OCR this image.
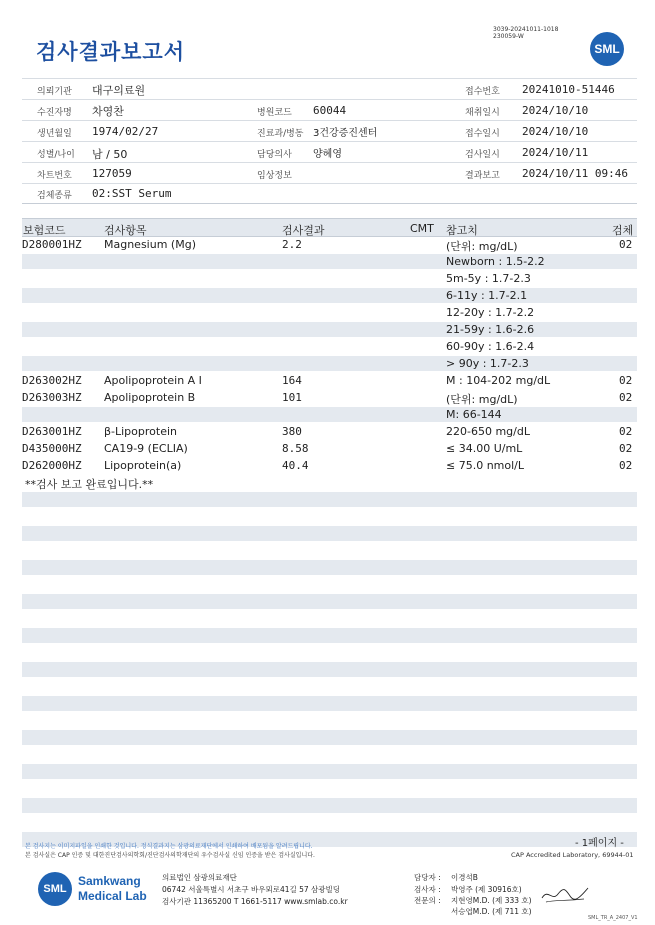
검사결과보고서
3039-20241011-1018
230059-W
SML
의뢰기관 대구의료원	접수번호 20241010-51446
수진자명 차영찬	병원코드 60044	채취일시 2024/10/10
생년월일 1974/02/27	진료과/병동 3건강증진센터	접수일시 2024/10/10
성별/나이 남 / 50	담당의사 양혜영	검사일시 2024/10/11
차트번호 127059	임상정보	결과보고 2024/10/11 09:46
검체종류 02:SST Serum
보험코드	검사항목	검사결과	CMT 참고치	검체
D280001HZ Magnesium (Mg)	2.2	(단위: mg/dL)	02
Newborn : 1.5-2.2
5m-5y : 1.7-2.3
6-11y : 1.7-2.1
12-20y : 1.7-2.2
21-59y : 1.6-2.6
60-90y : 1.6-2.4
> 90y : 1.7-2.3
D263002HZ Apolipoprotein A I	164	M : 104-202 mg/dL	02
D263003HZ Apolipoprotein B	101	(단위: mg/dL)	02
M: 66-144
D263001HZ β-Lipoprotein	380	220-650 mg/dL	02
D435000HZ CA19-9 (ECLIA)	8.58	≤ 34.00 U/mL	02
D262000HZ Lipoprotein(a)	40.4	≤ 75.0 nmol/L	02
**검사 보고 완료입니다.**
본 검사지는 이미지파일을 인쇄한 것입니다. 정식결과지는 삼광의료재단에서 인쇄하여 배포됨을 알려드립니다.	- 1페이지 -
본 검사실은 CAP 인증 및 대한진단검사의학회/진단검사의학재단의 우수검사실 신임 인증을 받은 검사실입니다.	CAP Accredited Laboratory, 69944-01
SML
Samkwang
Medical Lab
의료법인 삼광의료재단
06742 서울특별시 서초구 바우뫼로41길 57 삼광빌딩
검사기관 11365200 T 1661-5117 www.smlab.co.kr
담당자 : 이경석B
검사자 : 박영주 (제 30916호)
전문의 : 지현영M.D. (제 333 호)
서승엽M.D. (제 711 호)
SML_TR_A_2407_V1
